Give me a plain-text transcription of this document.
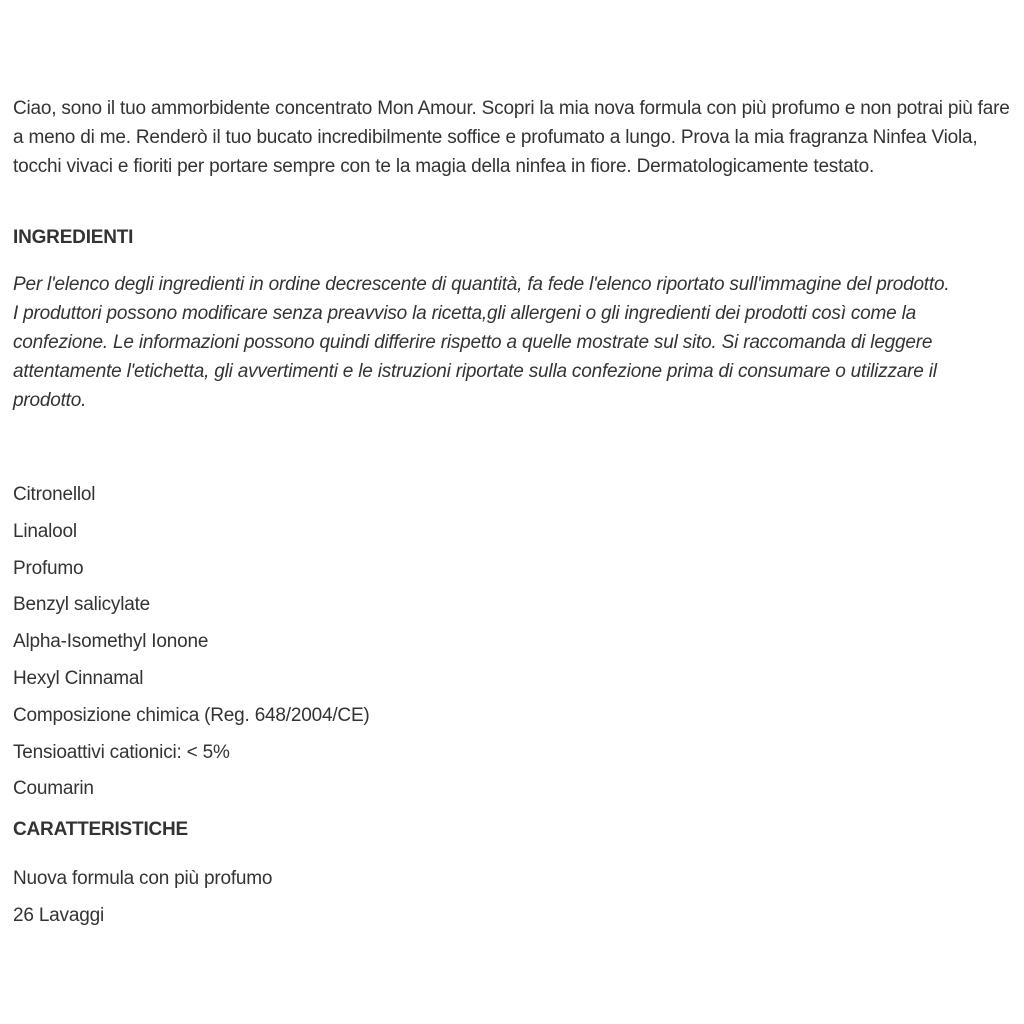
Ciao, sono il tuo ammorbidente concentrato Mon Amour. Scopri la mia nova formula con più profumo e non potrai più fare a meno di me. Renderò il tuo bucato incredibilmente soffice e profumato a lungo. Prova la mia fragranza Ninfea Viola, tocchi vivaci e fioriti per portare sempre con te la magia della ninfea in fiore. Dermatologicamente testato.

INGREDIENTI
Per l'elenco degli ingredienti in ordine decrescente di quantità, fa fede l'elenco riportato sull'immagine del prodotto.
I produttori possono modificare senza preavviso la ricetta,gli allergeni o gli ingredienti dei prodotti così come la confezione. Le informazioni possono quindi differire rispetto a quelle mostrate sul sito. Si raccomanda di leggere attentamente l'etichetta, gli avvertimenti e le istruzioni riportate sulla confezione prima di consumare o utilizzare il prodotto.
Citronellol
Linalool
Profumo
Benzyl salicylate
Alpha-Isomethyl Ionone
Hexyl Cinnamal
Composizione chimica (Reg. 648/2004/CE)
Tensioattivi cationici: < 5%
Coumarin
CARATTERISTICHE
Nuova formula con più profumo
26 Lavaggi
